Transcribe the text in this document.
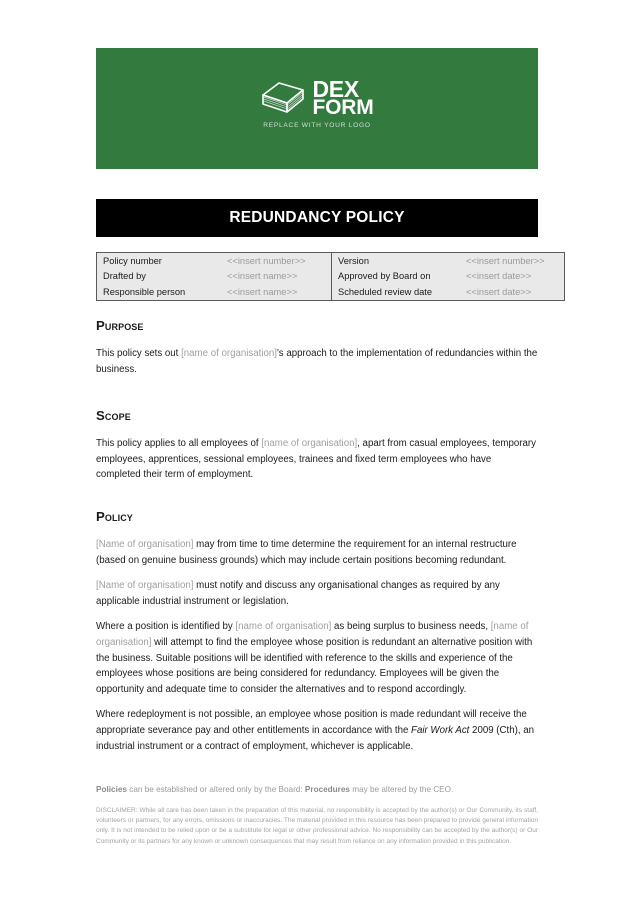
DEX
FORM
REPLACE WITH YOUR LOGO
REDUNDANCY POLICY
Policy number	<<insert number>>	Version	<<insert number>>
Drafted by	<<insert name>>	Approved by Board on	<<insert date>>
Responsible person	<<insert name>>	Scheduled review date	<<insert date>>
Purpose

This policy sets out [name of organisation]'s approach to the implementation of redundancies within the business.

Scope

This policy applies to all employees of [name of organisation], apart from casual employees, temporary employees, apprentices, sessional employees, trainees and fixed term employees who have completed their term of employment.

Policy

[Name of organisation] may from time to time determine the requirement for an internal restructure (based on genuine business grounds) which may include certain positions becoming redundant.

[Name of organisation] must notify and discuss any organisational changes as required by any applicable industrial instrument or legislation.

Where a position is identified by [name of organisation] as being surplus to business needs, [name of organisation] will attempt to find the employee whose position is redundant an alternative position with the business. Suitable positions will be identified with reference to the skills and experience of the employees whose positions are being considered for redundancy. Employees will be given the opportunity and adequate time to consider the alternatives and to respond accordingly.

Where redeployment is not possible, an employee whose position is made redundant will receive the appropriate severance pay and other entitlements in accordance with the Fair Work Act 2009 (Cth), an industrial instrument or a contract of employment, whichever is applicable.

Policies can be established or altered only by the Board: Procedures may be altered by the CEO.
DISCLAIMER: While all care has been taken in the preparation of this material, no responsibility is accepted by the author(s) or Our Community, its staff, volunteers or partners, for any errors, omissions or inaccuracies. The material provided in this resource has been prepared to provide general information only. It is not intended to be relied upon or be a substitute for legal or other professional advice. No responsibility can be accepted by the author(s) or Our Community or its partners for any known or unknown consequences that may result from reliance on any information provided in this publication.
